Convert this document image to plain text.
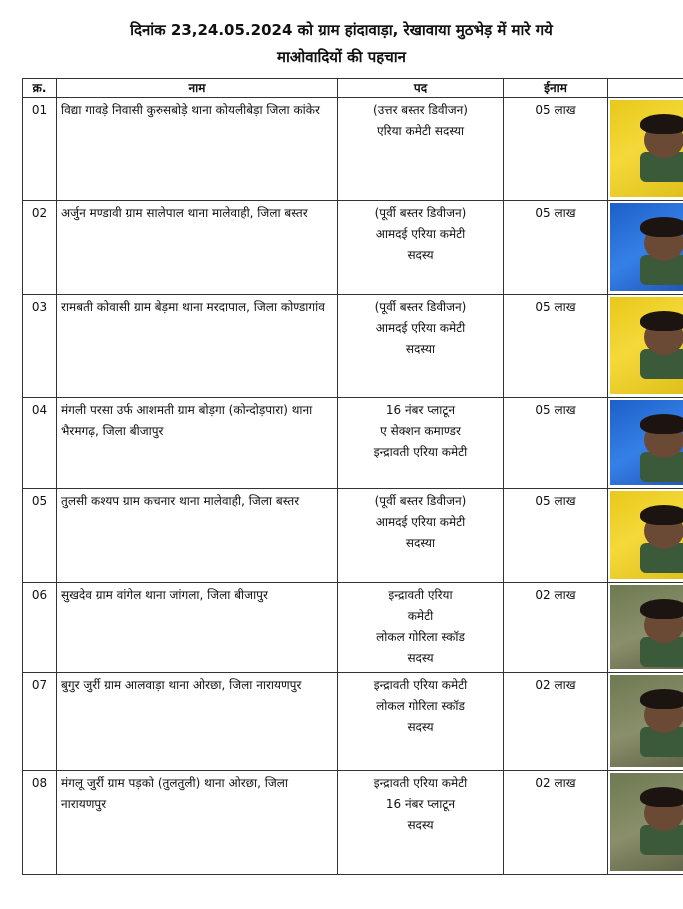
दिनांक 23,24.05.2024 को ग्राम हांदावाड़ा, रेखावाया मुठभेड़ में मारे गये
माओवादियों की पहचान
क्र.	नाम	पद	ईनाम	
01	विद्या गावड़े निवासी कुरुसबोड़े थाना कोयलीबेड़ा जिला कांकेर	(उत्तर बस्तर डिवीजन)
एरिया कमेटी सदस्या	05 लाख	

02	अर्जुन मण्डावी ग्राम सालेपाल थाना मालेवाही, जिला बस्तर	(पूर्वी बस्तर डिवीजन)
आमदई एरिया कमेटी
सदस्य	05 लाख	

03	रामबती कोवासी ग्राम बेड़मा थाना मरदापाल, जिला कोण्डागांव	(पूर्वी बस्तर डिवीजन)
आमदई एरिया कमेटी
सदस्या	05 लाख	

04	मंगली परसा उर्फ आशमती ग्राम बोड़गा (कोन्दोड़पारा) थाना भैरमगढ़, जिला बीजापुर	16 नंबर प्लाटून
ए सेक्शन कमाण्डर
इन्द्रावती एरिया कमेटी	05 लाख	

05	तुलसी कश्यप ग्राम कचनार थाना मालेवाही, जिला बस्तर	(पूर्वी बस्तर डिवीजन)
आमदई एरिया कमेटी
सदस्या	05 लाख	

06	सुखदेव ग्राम वांगेल थाना जांगला, जिला बीजापुर	इन्द्रावती एरिया
कमेटी
लोकल गोरिला स्कॉड
सदस्य	02 लाख	

07	बुगुर जुर्री ग्राम आलवाड़ा थाना ओरछा, जिला नारायणपुर	इन्द्रावती एरिया कमेटी
लोकल गोरिला स्कॉड
सदस्य	02 लाख	

08	मंगलू जुर्री ग्राम पड़को (तुलतुली) थाना ओरछा, जिला नारायणपुर	इन्द्रावती एरिया कमेटी
16 नंबर प्लाटून
सदस्य	02 लाख	
